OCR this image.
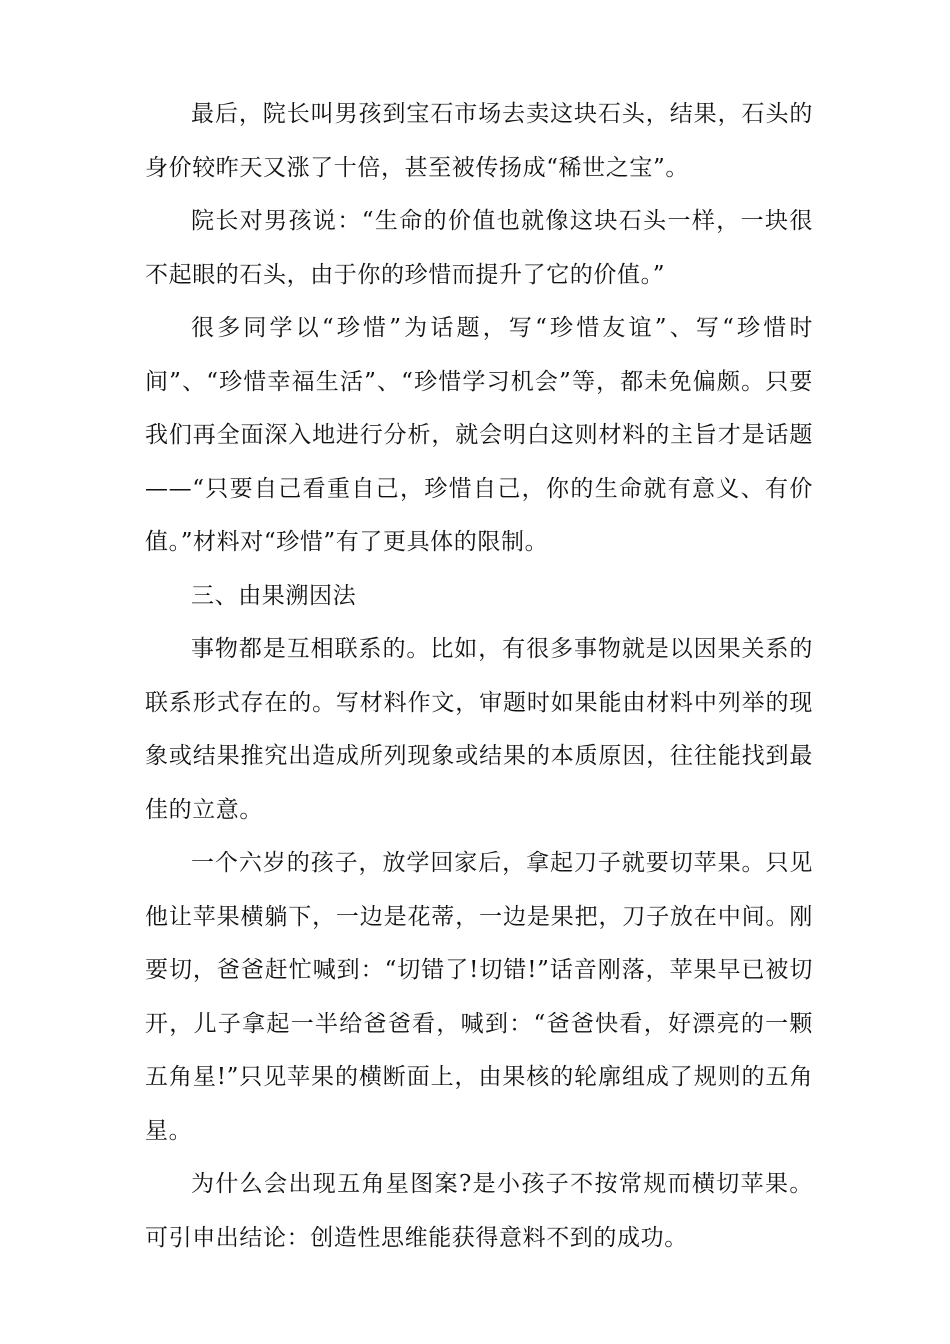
最后，院长叫男孩到宝石市场去卖这块石头，结果，石头的身价较昨天又涨了十倍，甚至被传扬成“稀世之宝”。

院长对男孩说：“生命的价值也就像这块石头一样，一块很不起眼的石头，由于你的珍惜而提升了它的价值。”

很多同学以“珍惜”为话题，写“珍惜友谊”、写“珍惜时间”、“珍惜幸福生活”、“珍惜学习机会”等，都未免偏颇。只要我们再全面深入地进行分析，就会明白这则材料的主旨才是话题 ——“只要自己看重自己，珍惜自己，你的生命就有意义、有价值。”材料对“珍惜”有了更具体的限制。

三、由果溯因法

事物都是互相联系的。比如，有很多事物就是以因果关系的联系形式存在的。写材料作文，审题时如果能由材料中列举的现象或结果推究出造成所列现象或结果的本质原因，往往能找到最佳的立意。

一个六岁的孩子，放学回家后，拿起刀子就要切苹果。只见他让苹果横躺下，一边是花蒂，一边是果把，刀子放在中间。刚要切，爸爸赶忙喊到：“切错了!切错!”话音刚落，苹果早已被切开，儿子拿起一半给爸爸看，喊到：“爸爸快看，好漂亮的一颗五角星!”只见苹果的横断面上，由果核的轮廓组成了规则的五角星。

为什么会出现五角星图案?是小孩子不按常规而横切苹果。可引申出结论：创造性思维能获得意料不到的成功。
